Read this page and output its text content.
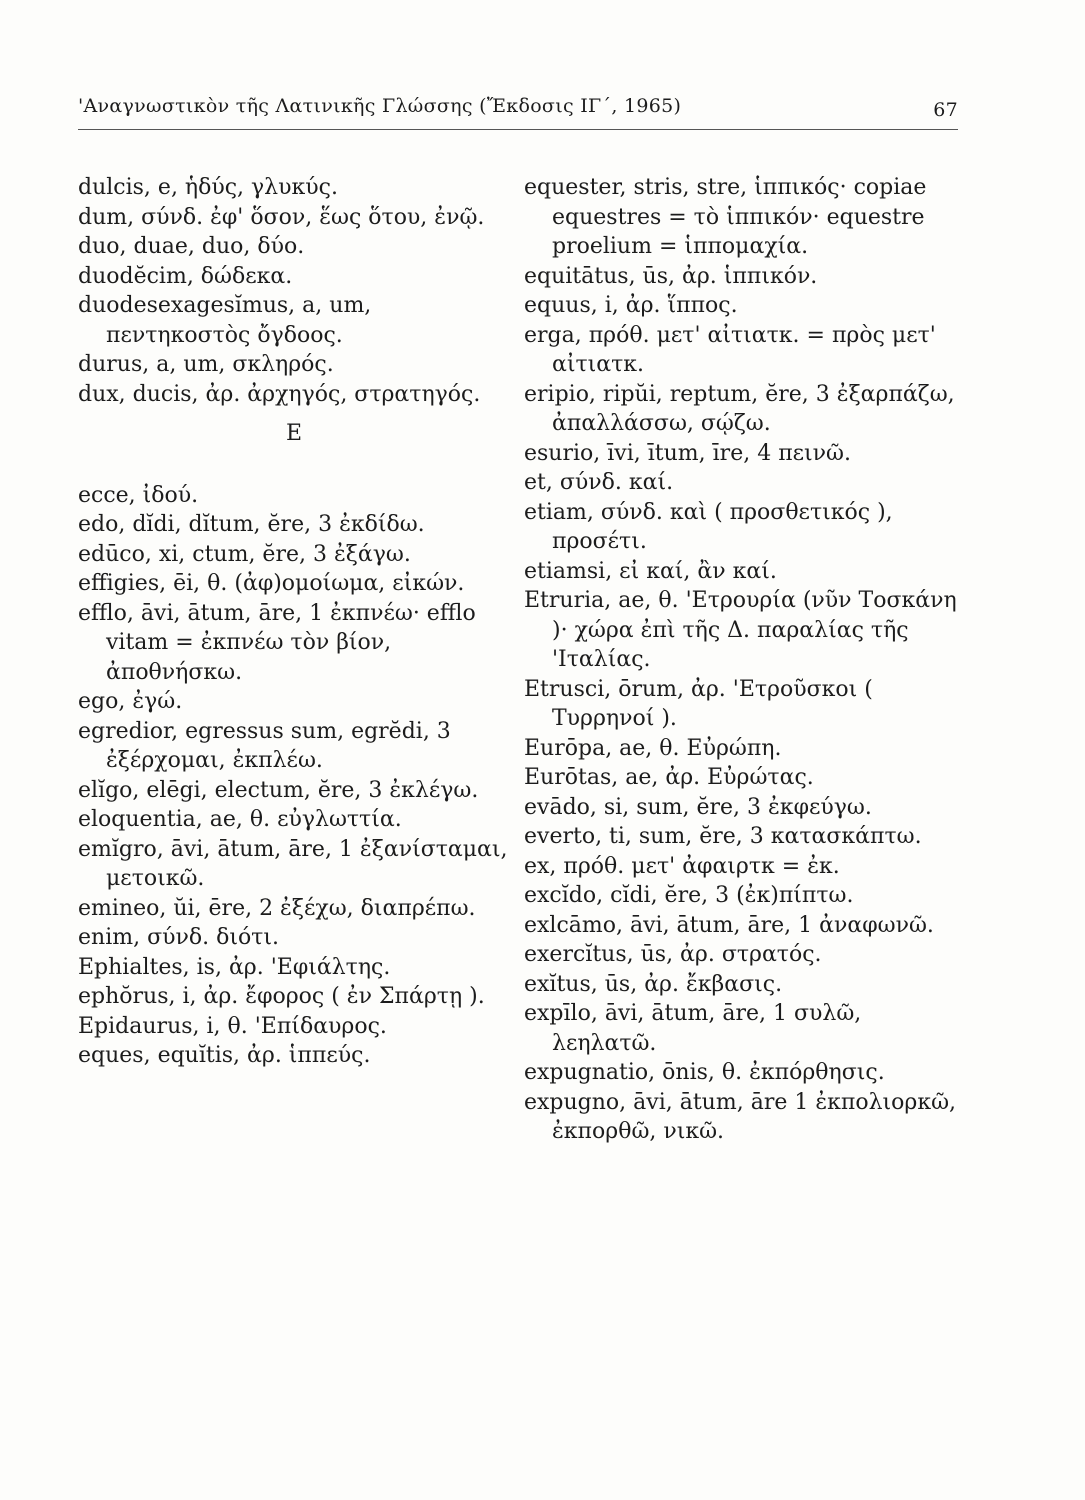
'Αναγνωστικὸν τῆς Λατινικῆς Γλώσσης (Ἔκδοσις ΙΓ΄, 1965)	67
dulcis, e, ἡδύς, γλυκύς.
dum, σύνδ. ἐφ' ὅσον, ἕως ὅτου, ἐνῷ.
duo, duae, duo, δύο.
duodĕcim, δώδεκα.
duodesexagesĭmus, a, um, πεντηκοστὸς ὄγδοος.
durus, a, um, σκληρός.
dux, ducis, ἀρ. ἀρχηγός, στρατηγός.
E
ecce, ἰδού.
edo, dĭdi, dĭtum, ĕre, 3 ἐκδίδω.
edūco, xi, ctum, ĕre, 3 ἐξάγω.
effigies, ēi, θ. (ἀφ)ομοίωμα, εἰκών.
efflo, āvi, ātum, āre, 1 ἐκπνέω· efflo vitam = ἐκπνέω τὸν βίον, ἀποθνήσκω.
ego, ἐγώ.
egredior, egressus sum, egrĕdi, 3 ἐξέρχομαι, ἐκπλέω.
elĭgo, elēgi, electum, ĕre, 3 ἐκλέγω.
eloquentia, ae, θ. εὐγλωττία.
emĭgro, āvi, ātum, āre, 1 ἐξανίσταμαι, μετοικῶ.
emineo, ŭi, ēre, 2 ἐξέχω, διαπρέπω.
enim, σύνδ. διότι.
Ephialtes, is, ἀρ. 'Εφιάλτης.
ephŏrus, i, ἀρ. ἔφορος ( ἐν Σπάρτῃ ).
Epidaurus, i, θ. 'Επίδαυρος.
eques, equĭtis, ἀρ. ἱππεύς.
equester, stris, stre, ἱππικός· copiae equestres = τὸ ἱππικόν· equestre proelium = ἱππομαχία.
equitātus, ūs, ἀρ. ἱππικόν.
equus, i, ἀρ. ἵππος.
erga, πρόθ. μετ' αἰτιατκ. = πρὸς μετ' αἰτιατκ.
eripio, ripŭi, reptum, ĕre, 3 ἐξαρπάζω, ἀπαλλάσσω, σῴζω.
esurio, īvi, ītum, īre, 4 πεινῶ.
et, σύνδ. καί.
etiam, σύνδ. καὶ ( προσθετικός ), προσέτι.
etiamsi, εἰ καί, ἂν καί.
Etruria, ae, θ. 'Ετρουρία (νῦν Τοσκάνη )· χώρα ἐπὶ τῆς Δ. παραλίας τῆς 'Ιταλίας.
Etrusci, ōrum, ἀρ. 'Ετροῦσκοι ( Τυρρηνοί ).
Eurōpa, ae, θ. Εὐρώπη.
Eurōtas, ae, ἀρ. Εὐρώτας.
evādo, si, sum, ĕre, 3 ἐκφεύγω.
everto, ti, sum, ĕre, 3 κατασκάπτω.
ex, πρόθ. μετ' ἀφαιρτκ = ἐκ.
excĭdo, cĭdi, ĕre, 3 (ἐκ)πίπτω.
exlcāmo, āvi, ātum, āre, 1 ἀναφωνῶ.
exercĭtus, ūs, ἀρ. στρατός.
exĭtus, ūs, ἀρ. ἔκβασις.
expīlo, āvi, ātum, āre, 1 συλῶ, λεηλατῶ.
expugnatio, ōnis, θ. ἐκπόρθησις.
expugno, āvi, ātum, āre 1 ἐκπολιορκῶ, ἐκπορθῶ, νικῶ.
